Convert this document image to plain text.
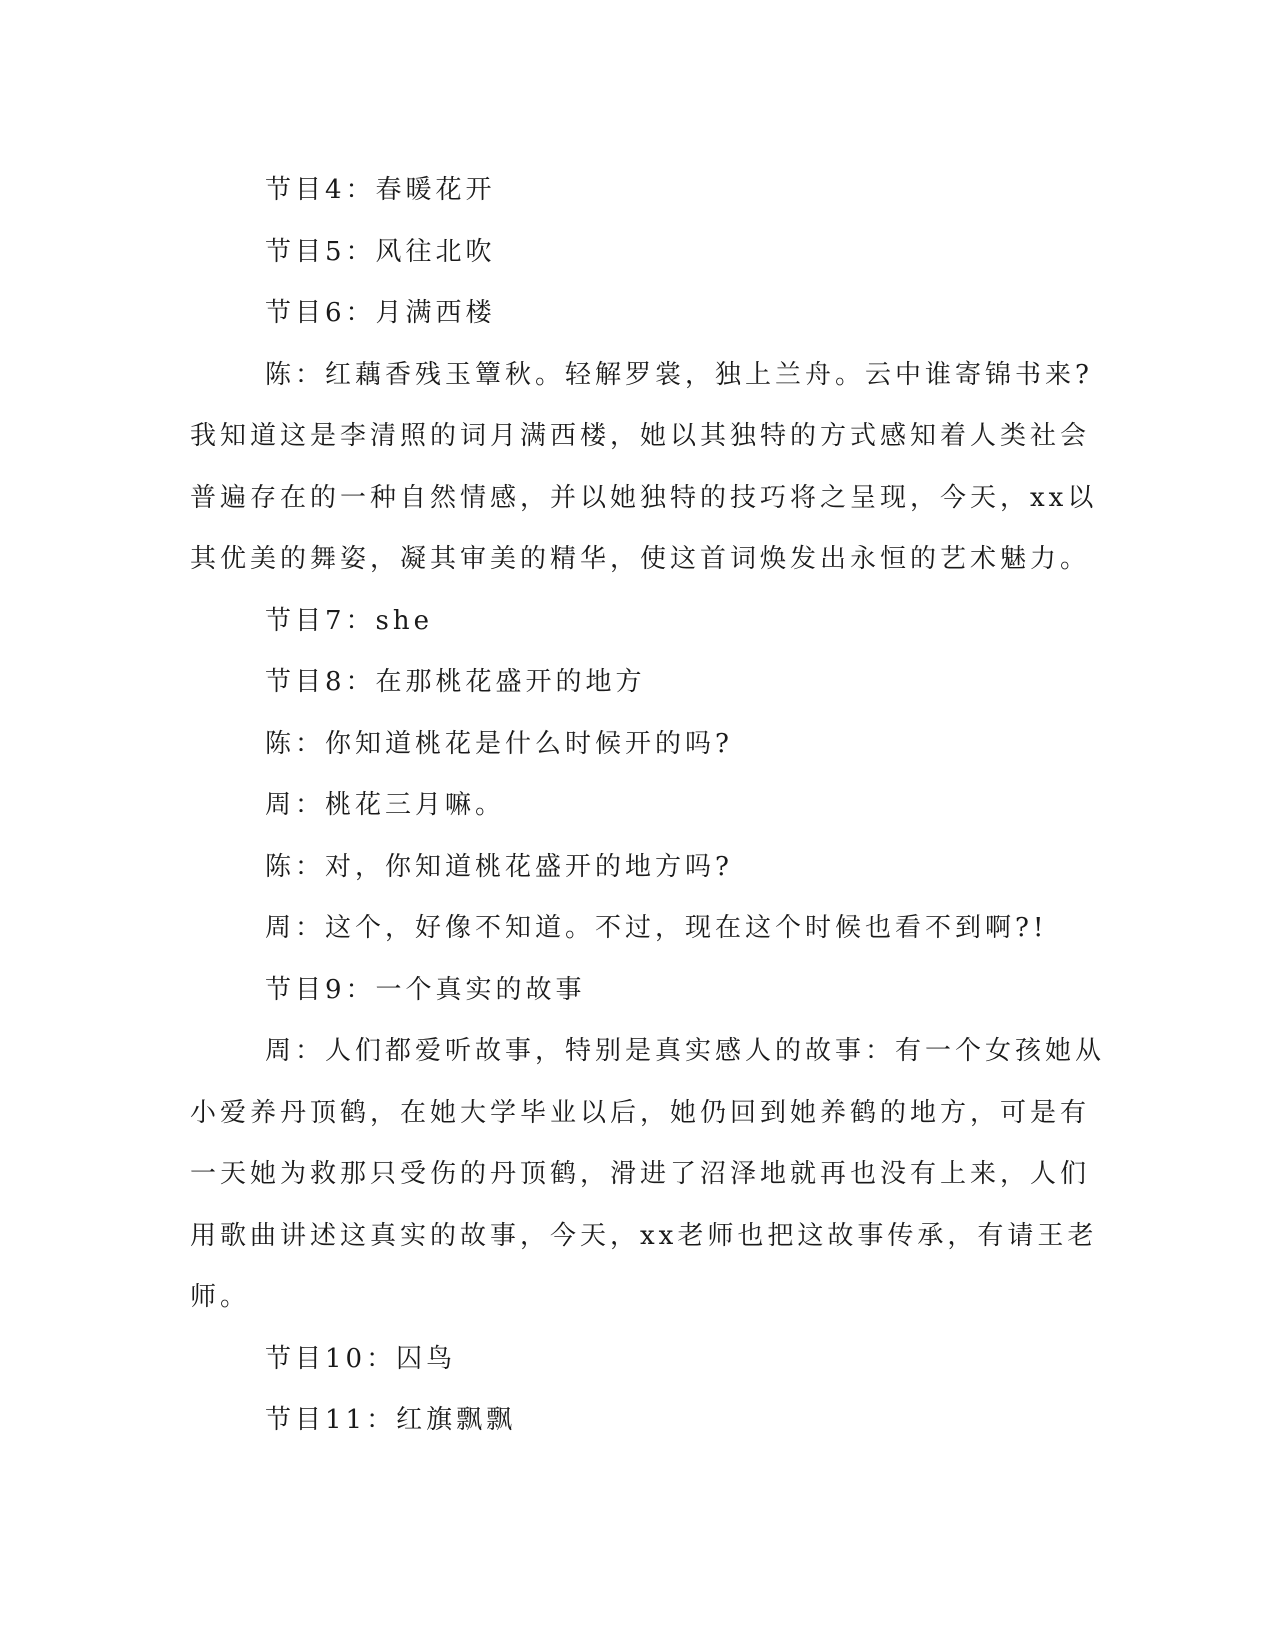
节目4：春暖花开
节目5：风往北吹
节目6：月满西楼
陈：红藕香残玉簟秋。轻解罗裳，独上兰舟。云中谁寄锦书来?
我知道这是李清照的词月满西楼，她以其独特的方式感知着人类社会
普遍存在的一种自然情感，并以她独特的技巧将之呈现，今天，xx以
其优美的舞姿，凝其审美的精华，使这首词焕发出永恒的艺术魅力。
节目7：she
节目8：在那桃花盛开的地方
陈：你知道桃花是什么时候开的吗?
周：桃花三月嘛。
陈：对，你知道桃花盛开的地方吗?
周：这个，好像不知道。不过，现在这个时候也看不到啊?!
节目9：一个真实的故事
周：人们都爱听故事，特别是真实感人的故事：有一个女孩她从
小爱养丹顶鹤，在她大学毕业以后，她仍回到她养鹤的地方，可是有
一天她为救那只受伤的丹顶鹤，滑进了沼泽地就再也没有上来，人们
用歌曲讲述这真实的故事，今天，xx老师也把这故事传承，有请王老
师。
节目10：囚鸟
节目11：红旗飘飘
